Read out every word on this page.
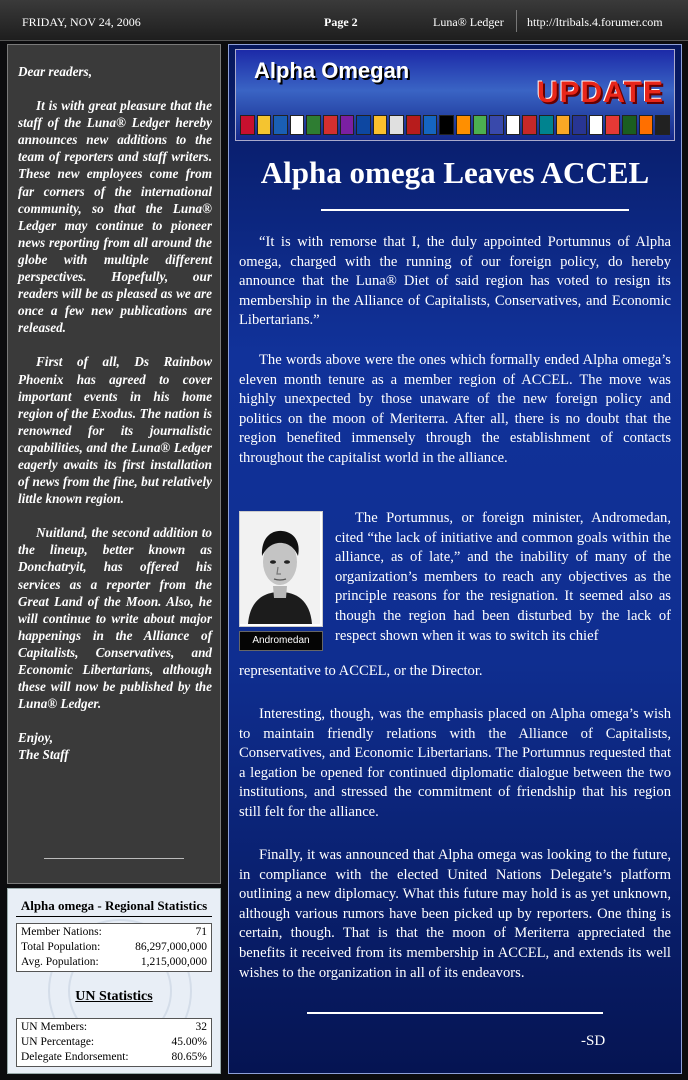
FRIDAY, NOV 24, 2006	Page 2	Luna® Ledger http://ltribals.4.forumer.com

Dear readers,

It is with great pleasure that the staff of the Luna® Ledger hereby announces new additions to the team of reporters and staff writers. These new employees come from far corners of the international community, so that the Luna® Ledger may continue to pioneer news reporting from all around the globe with multiple different perspectives. Hopefully, our readers will be as pleased as we are once a few new publications are released.

First of all, Ds Rainbow Phoenix has agreed to cover important events in his home region of the Exodus. The nation is renowned for its journalistic capabilities, and the Luna® Ledger eagerly awaits its first installation of news from the fine, but relatively little known region.

Nuitland, the second addition to the lineup, better known as Donchatryit, has offered his services as a reporter from the Great Land of the Moon. Also, he will continue to write about major happenings in the Alliance of Capitalists, Conservatives, and Economic Libertarians, although these will now be published by the Luna® Ledger.

Enjoy,

The Staff

Alpha omega - Regional Statistics
Member Nations:	71
Total Population:	86,297,000,000
Avg. Population:	1,215,000,000
UN Statistics
UN Members:	32
UN Percentage:	45.00%
Delegate Endorsement:	80.65%
Alpha Omegan
UPDATE
Alpha omega Leaves ACCEL

“It is with remorse that I, the duly appointed Portumnus of Alpha omega, charged with the running of our foreign policy, do hereby announce that the Luna® Diet of said region has voted to resign its membership in the Alliance of Capitalists, Conservatives, and Economic Libertarians.”

The words above were the ones which formally ended Alpha omega’s eleven month tenure as a member region of ACCEL. The move was highly unexpected by those unaware of the new foreign policy and politics on the moon of Meriterra. After all, there is no doubt that the region benefited immensely through the establishment of contacts throughout the capitalist world in the alliance.

Andromedan

The Portumnus, or foreign minister, Andromedan, cited “the lack of initiative and common goals within the alliance, as of late,” and the inability of many of the organization’s members to reach any objectives as the principle reasons for the resignation. It seemed also as though the region had been disturbed by the lack of respect shown when it was to switch its chief

representative to ACCEL, or the Director.

Interesting, though, was the emphasis placed on Alpha omega’s wish to maintain friendly relations with the Alliance of Capitalists, Conservatives, and Economic Libertarians. The Portumnus requested that a legation be opened for continued diplomatic dialogue between the two institutions, and stressed the commitment of friendship that his region still felt for the alliance.

Finally, it was announced that Alpha omega was looking to the future, in compliance with the elected United Nations Delegate’s platform outlining a new diplomacy. What this future may hold is as yet unknown, although various rumors have been picked up by reporters. One thing is certain, though. That is that the moon of Meriterra appreciated the benefits it received from its membership in ACCEL, and extends its well wishes to the organization in all of its endeavors.

-SD
